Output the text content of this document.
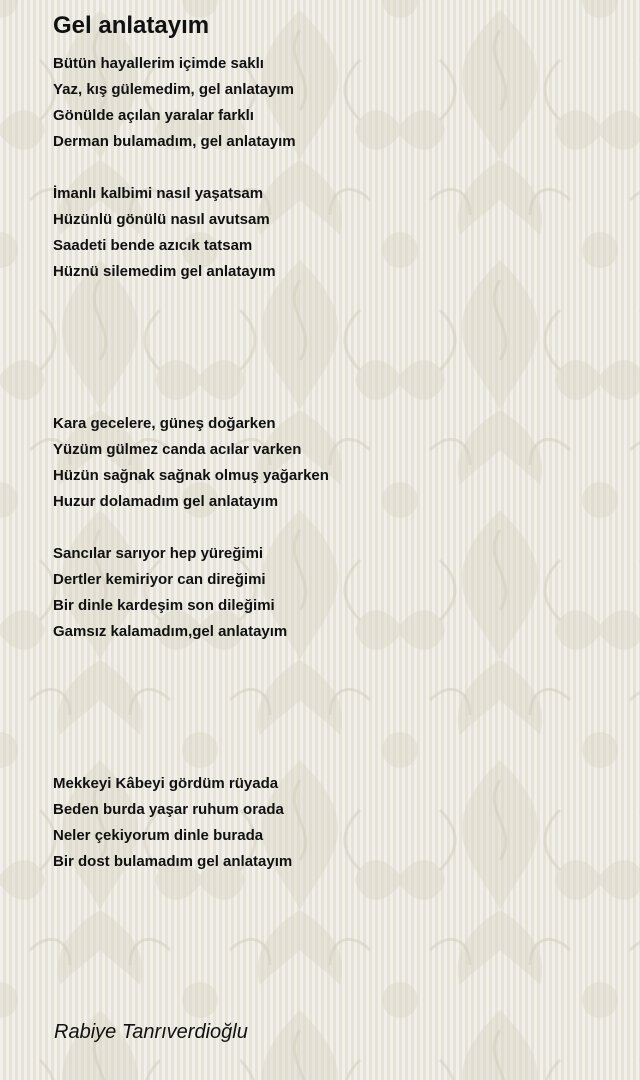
Gel anlatayım
Bütün hayallerim içimde saklı
Yaz, kış gülemedim, gel anlatayım
Gönülde açılan yaralar farklı
Derman bulamadım, gel anlatayım
İmanlı kalbimi nasıl yaşatsam
Hüzünlü gönülü nasıl avutsam
Saadeti bende azıcık tatsam
Hüznü silemedim gel anlatayım
Kara gecelere, güneş doğarken
Yüzüm gülmez canda acılar varken
Hüzün sağnak sağnak olmuş yağarken
Huzur dolamadım gel anlatayım
Sancılar sarıyor hep yüreğimi
Dertler kemiriyor can direğimi
Bir dinle kardeşim son dileğimi
Gamsız kalamadım,gel anlatayım
Mekkeyi Kâbeyi gördüm rüyada
Beden burda yaşar ruhum orada
Neler çekiyorum dinle burada
Bir dost bulamadım gel anlatayım
Rabiye Tanrıverdioğlu
